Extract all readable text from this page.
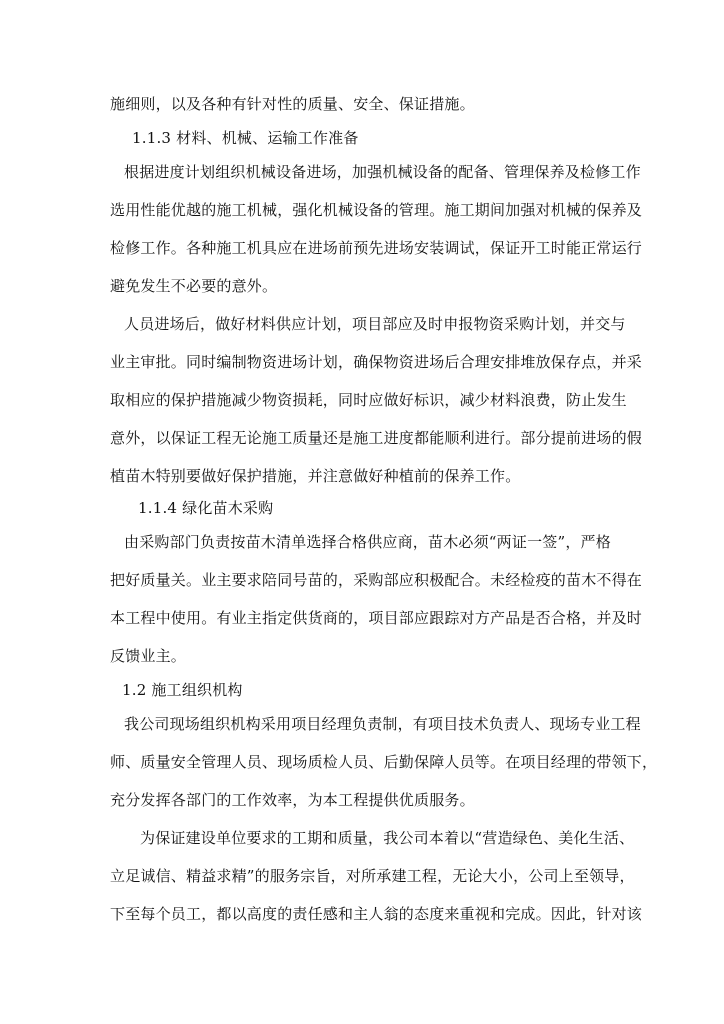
施细则，以及各种有针对性的质量、安全、保证措施。
1.1.3 材料、机械、运输工作准备
根据进度计划组织机械设备进场，加强机械设备的配备、管理保养及检修工作
选用性能优越的施工机械，强化机械设备的管理。施工期间加强对机械的保养及
检修工作。各种施工机具应在进场前预先进场安装调试，保证开工时能正常运行
避免发生不必要的意外。
人员进场后，做好材料供应计划，项目部应及时申报物资采购计划，并交与
业主审批。同时编制物资进场计划，确保物资进场后合理安排堆放保存点，并采
取相应的保护措施减少物资损耗，同时应做好标识，减少材料浪费，防止发生
意外，以保证工程无论施工质量还是施工进度都能顺利进行。部分提前进场的假
植苗木特别要做好保护措施，并注意做好种植前的保养工作。
1.1.4 绿化苗木采购
由采购部门负责按苗木清单选择合格供应商，苗木必须“两证一签”，严格
把好质量关。业主要求陪同号苗的，采购部应积极配合。未经检疫的苗木不得在
本工程中使用。有业主指定供货商的，项目部应跟踪对方产品是否合格，并及时
反馈业主。
1.2 施工组织机构
我公司现场组织机构采用项目经理负责制，有项目技术负责人、现场专业工程
师、质量安全管理人员、现场质检人员、后勤保障人员等。在项目经理的带领下，
充分发挥各部门的工作效率，为本工程提供优质服务。
为保证建设单位要求的工期和质量，我公司本着以“营造绿色、美化生活、
立足诚信、精益求精”的服务宗旨，对所承建工程，无论大小，公司上至领导，
下至每个员工，都以高度的责任感和主人翁的态度来重视和完成。因此，针对该
